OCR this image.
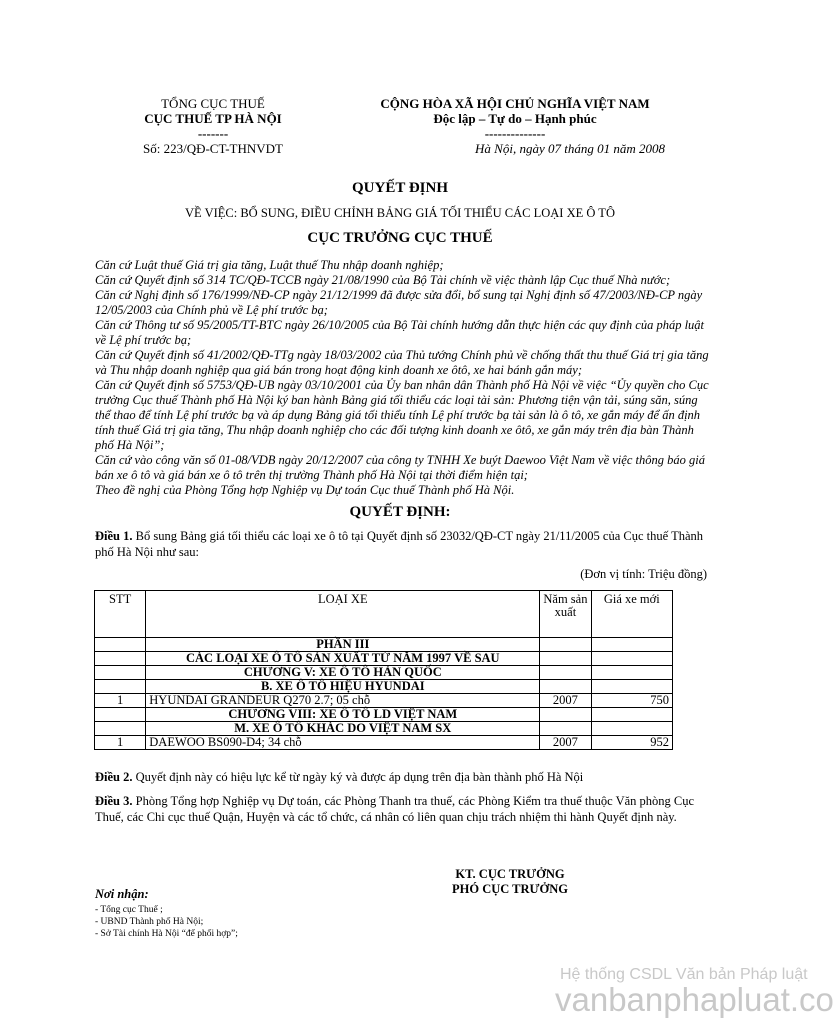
TỔNG CỤC THUẾ
CỤC THUẾ TP HÀ NỘI
-------
Số: 223/QĐ-CT-THNVDT
CỘNG HÒA XÃ HỘI CHỦ NGHĨA VIỆT NAM
Độc lập – Tự do – Hạnh phúc
--------------
Hà Nội, ngày 07 tháng 01 năm 2008
QUYẾT ĐỊNH
VỀ VIỆC: BỔ SUNG, ĐIỀU CHỈNH BẢNG GIÁ TỐI THIỂU CÁC LOẠI XE Ô TÔ
CỤC TRƯỞNG CỤC THUẾ

Căn cứ Luật thuế Giá trị gia tăng, Luật thuế Thu nhập doanh nghiệp;

Căn cứ Quyết định số 314 TC/QĐ-TCCB ngày 21/08/1990 của Bộ Tài chính về việc thành lập Cục thuế Nhà nước;

Căn cứ Nghị định số 176/1999/NĐ-CP ngày 21/12/1999 đã được sửa đổi, bổ sung tại Nghị định số 47/2003/NĐ-CP ngày 12/05/2003 của Chính phủ về Lệ phí trước bạ;

Căn cứ Thông tư số 95/2005/TT-BTC ngày 26/10/2005 của Bộ Tài chính hướng dẫn thực hiện các quy định của pháp luật về Lệ phí trước bạ;

Căn cứ Quyết định số 41/2002/QĐ-TTg ngày 18/03/2002 của Thủ tướng Chính phủ về chống thất thu thuế Giá trị gia tăng và Thu nhập doanh nghiệp qua giá bán trong hoạt động kinh doanh xe ôtô, xe hai bánh gắn máy;

Căn cứ Quyết định số 5753/QĐ-UB ngày 03/10/2001 của Ủy ban nhân dân Thành phố Hà Nội về việc “Ủy quyền cho Cục trưởng Cục thuế Thành phố Hà Nội ký ban hành Bảng giá tối thiểu các loại tài sản: Phương tiện vận tải, súng săn, súng thể thao để tính Lệ phí trước bạ và áp dụng Bảng giá tối thiểu tính Lệ phí trước bạ tài sản là ô tô, xe gắn máy để ấn định tính thuế Giá trị gia tăng, Thu nhập doanh nghiệp cho các đối tượng kinh doanh xe ôtô, xe gắn máy trên địa bàn Thành phố Hà Nội”;

Căn cứ vào công văn số 01-08/VDB ngày 20/12/2007 của công ty TNHH Xe buýt Daewoo Việt Nam về việc thông báo giá bán xe ô tô và giá bán xe ô tô trên thị trường Thành phố Hà Nội tại thời điểm hiện tại;

Theo đề nghị của Phòng Tổng hợp Nghiệp vụ Dự toán Cục thuế Thành phố Hà Nội.

QUYẾT ĐỊNH:
Điều 1. Bổ sung Bảng giá tối thiểu các loại xe ô tô tại Quyết định số 23032/QĐ-CT ngày 21/11/2005 của Cục thuế Thành phố Hà Nội như sau:
(Đơn vị tính: Triệu đồng)
STT	LOẠI XE	Năm sản xuất	Giá xe mới
	PHẦN III		
	CÁC LOẠI XE Ô TÔ SẢN XUẤT TỪ NĂM 1997 VỀ SAU		
	CHƯƠNG V: XE Ô TÔ HÀN QUỐC		
	B. XE Ô TÔ HIỆU HYUNDAI		
1	HYUNDAI GRANDEUR Q270 2.7; 05 chỗ	2007	750
	CHƯƠNG VIII: XE Ô TÔ LD VIỆT NAM		
	M. XE Ô TÔ KHÁC DO VIỆT NAM SX		
1	DAEWOO BS090-D4; 34 chỗ	2007	952
Điều 2. Quyết định này có hiệu lực kể từ ngày ký và được áp dụng trên địa bàn thành phố Hà Nội
Điều 3. Phòng Tổng hợp Nghiệp vụ Dự toán, các Phòng Thanh tra thuế, các Phòng Kiểm tra thuế thuộc Văn phòng Cục Thuế, các Chi cục thuế Quận, Huyện và các tổ chức, cá nhân có liên quan chịu trách nhiệm thi hành Quyết định này.
KT. CỤC TRƯỞNG
PHÓ CỤC TRƯỞNG
Nơi nhận:
- Tổng cục Thuế ;
- UBND Thành phố Hà Nội;
- Sở Tài chính Hà Nội “để phối hợp”;
Hệ thống CSDL Văn bản Pháp luật
vanbanphapluat.co
